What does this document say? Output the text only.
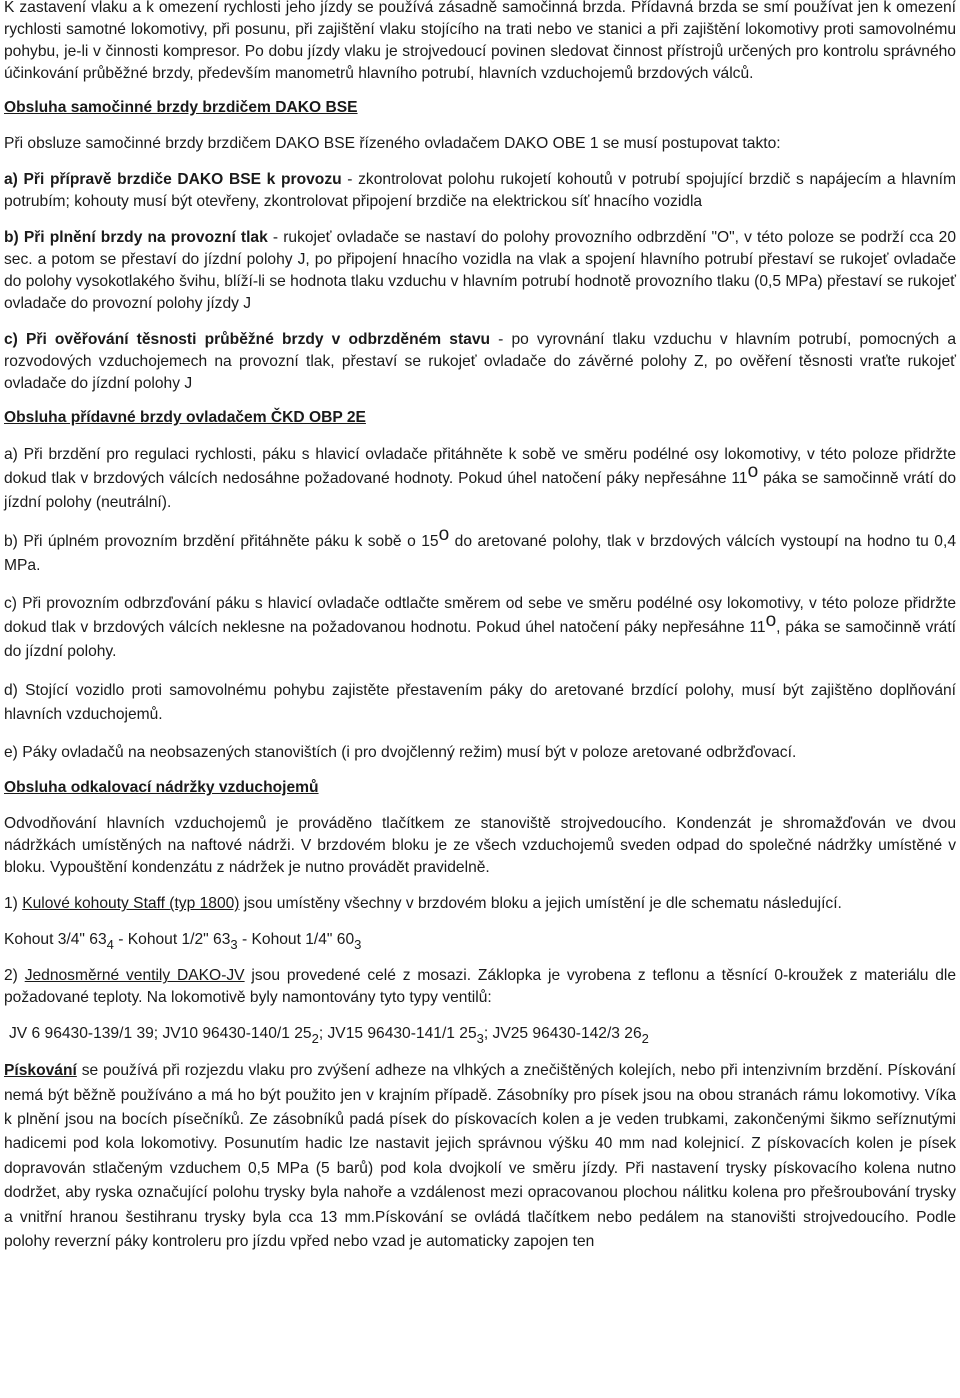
K zastavení vlaku a k omezení rychlosti jeho jízdy se používá zásadně samočinná brzda. Přídavná brzda se smí používat jen k omezení rychlosti samotné lokomotivy, při posunu, při zajištění vlaku stojícího na trati nebo ve stanici a při zajištění lokomotivy proti samovolnému pohybu, je-li v činnosti kompresor. Po dobu jízdy vlaku je strojvedoucí povinen sledovat činnost přístrojů určených pro kontrolu správného účinkování průběžné brzdy, především manometrů hlavního potrubí, hlavních vzduchojemů brzdových válců.

Obsluha samočinné brzdy brzdičem DAKO BSE

Při obsluze samočinné brzdy brzdičem DAKO BSE řízeného ovladačem DAKO OBE 1 se musí postupovat takto:

a) Při přípravě brzdiče DAKO BSE k provozu - zkontrolovat polohu rukojetí kohoutů v potrubí spojující brzdič s napájecím a hlavním potrubím; kohouty musí být otevřeny, zkontrolovat připojení brzdiče na elektrickou síť hnacího vozidla

b) Při plnění brzdy na provozní tlak - rukojeť ovladače se nastaví do polohy provozního odbrzdění "O", v této poloze se podrží cca 20 sec. a potom se přestaví do jízdní polohy J, po připojení hnacího vozidla na vlak a spojení hlavního potrubí přestaví se rukojeť ovladače do polohy vysokotlakého švihu, blíží-li se hodnota tlaku vzduchu v hlavním potrubí hodnotě provozního tlaku (0,5 MPa) přestaví se rukojeť ovladače do provozní polohy jízdy J

c) Při ověřování těsnosti průběžné brzdy v odbrzděném stavu - po vyrovnání tlaku vzduchu v hlavním potrubí, pomocných a rozvodových vzduchojemech na provozní tlak, přestaví se rukojeť ovladače do závěrné polohy Z, po ověření těsnosti vraťte rukojeť ovladače do jízdní polohy J

Obsluha přídavné brzdy ovladačem ČKD OBP 2E

a) Při brzdění pro regulaci rychlosti, páku s hlavicí ovladače přitáhněte k sobě ve směru podélné osy lokomotivy, v této poloze přidržte dokud tlak v brzdových válcích nedosáhne požadované hodnoty. Pokud úhel natočení páky nepřesáhne 11$^o$ páka se samočinně vrátí do jízdní polohy (neutrální).

b) Při úplném provozním brzdění přitáhněte páku k sobě o 15$^o$ do aretované polohy, tlak v brzdových válcích vystoupí na hodno tu 0,4 MPa.

c) Při provozním odbrzďování páku s hlavicí ovladače odtlačte směrem od sebe ve směru podélné osy lokomotivy, v této poloze přidržte dokud tlak v brzdových válcích neklesne na požadovanou hodnotu. Pokud úhel natočení páky nepřesáhne 11$^o$, páka se samočinně vrátí do jízdní polohy.

d) Stojící vozidlo proti samovolnému pohybu zajistěte přestavením páky do aretované brzdící polohy, musí být zajištěno doplňování hlavních vzduchojemů.

e) Páky ovladačů na neobsazených stanovištích (i pro dvojčlenný režim) musí být v poloze aretované odbržďovací.

Obsluha odkalovací nádržky vzduchojemů

Odvodňování hlavních vzduchojemů je prováděno tlačítkem ze stanoviště strojvedoucího. Kondenzát je shromažďován ve dvou nádržkách umístěných na naftové nádrži. V brzdovém bloku je ze všech vzduchojemů sveden odpad do společné nádržky umístěné v bloku. Vypouštění kondenzátu z nádržek je nutno provádět pravidelně.

1) Kulové kohouty Staff (typ 1800) jsou umístěny všechny v brzdovém bloku a jejich umístění je dle schematu následující.

Kohout 3/4" $63_4$ - Kohout 1/2" $63_3$ - Kohout 1/4" $60_3$

2) Jednosměrné ventily DAKO-JV jsou provedené celé z mosazi. Záklopka je vyrobena z teflonu a těsnící 0-kroužek z materiálu dle požadované teploty. Na lokomotivě byly namontovány tyto typy ventilů:

JV 6 96430-139/1 39; JV10 96430-140/1 $25_2$; JV15 96430-141/1 $25_3$; JV25 96430-142/3 $26_2$

Pískování se používá při rozjezdu vlaku pro zvýšení adheze na vlhkých a znečištěných kolejích, nebo při intenzivním brzdění. Pískování nemá být běžně používáno a má ho být použito jen v krajním případě. Zásobníky pro písek jsou na obou stranách rámu lokomotivy. Víka k plnění jsou na bocích písečníků. Ze zásobníků padá písek do pískovacích kolen a je veden trubkami, zakončenými šikmo seříznutými hadicemi pod kola lokomotivy. Posunutím hadic lze nastavit jejich správnou výšku 40 mm nad kolejnicí. Z pískovacích kolen je písek dopravován stlačeným vzduchem 0,5 MPa (5 barů) pod kola dvojkolí ve směru jízdy. Při nastavení trysky pískovacího kolena nutno dodržet, aby ryska označující polohu trysky byla nahoře a vzdálenost mezi opracovanou plochou nálitku kolena pro přešroubování trysky a vnitřní hranou šestihranu trysky byla cca 13 mm.Pískování se ovládá tlačítkem nebo pedálem na stanovišti strojvedoucího. Podle polohy reverzní páky kontroleru pro jízdu vpřed nebo vzad je automaticky zapojen ten
